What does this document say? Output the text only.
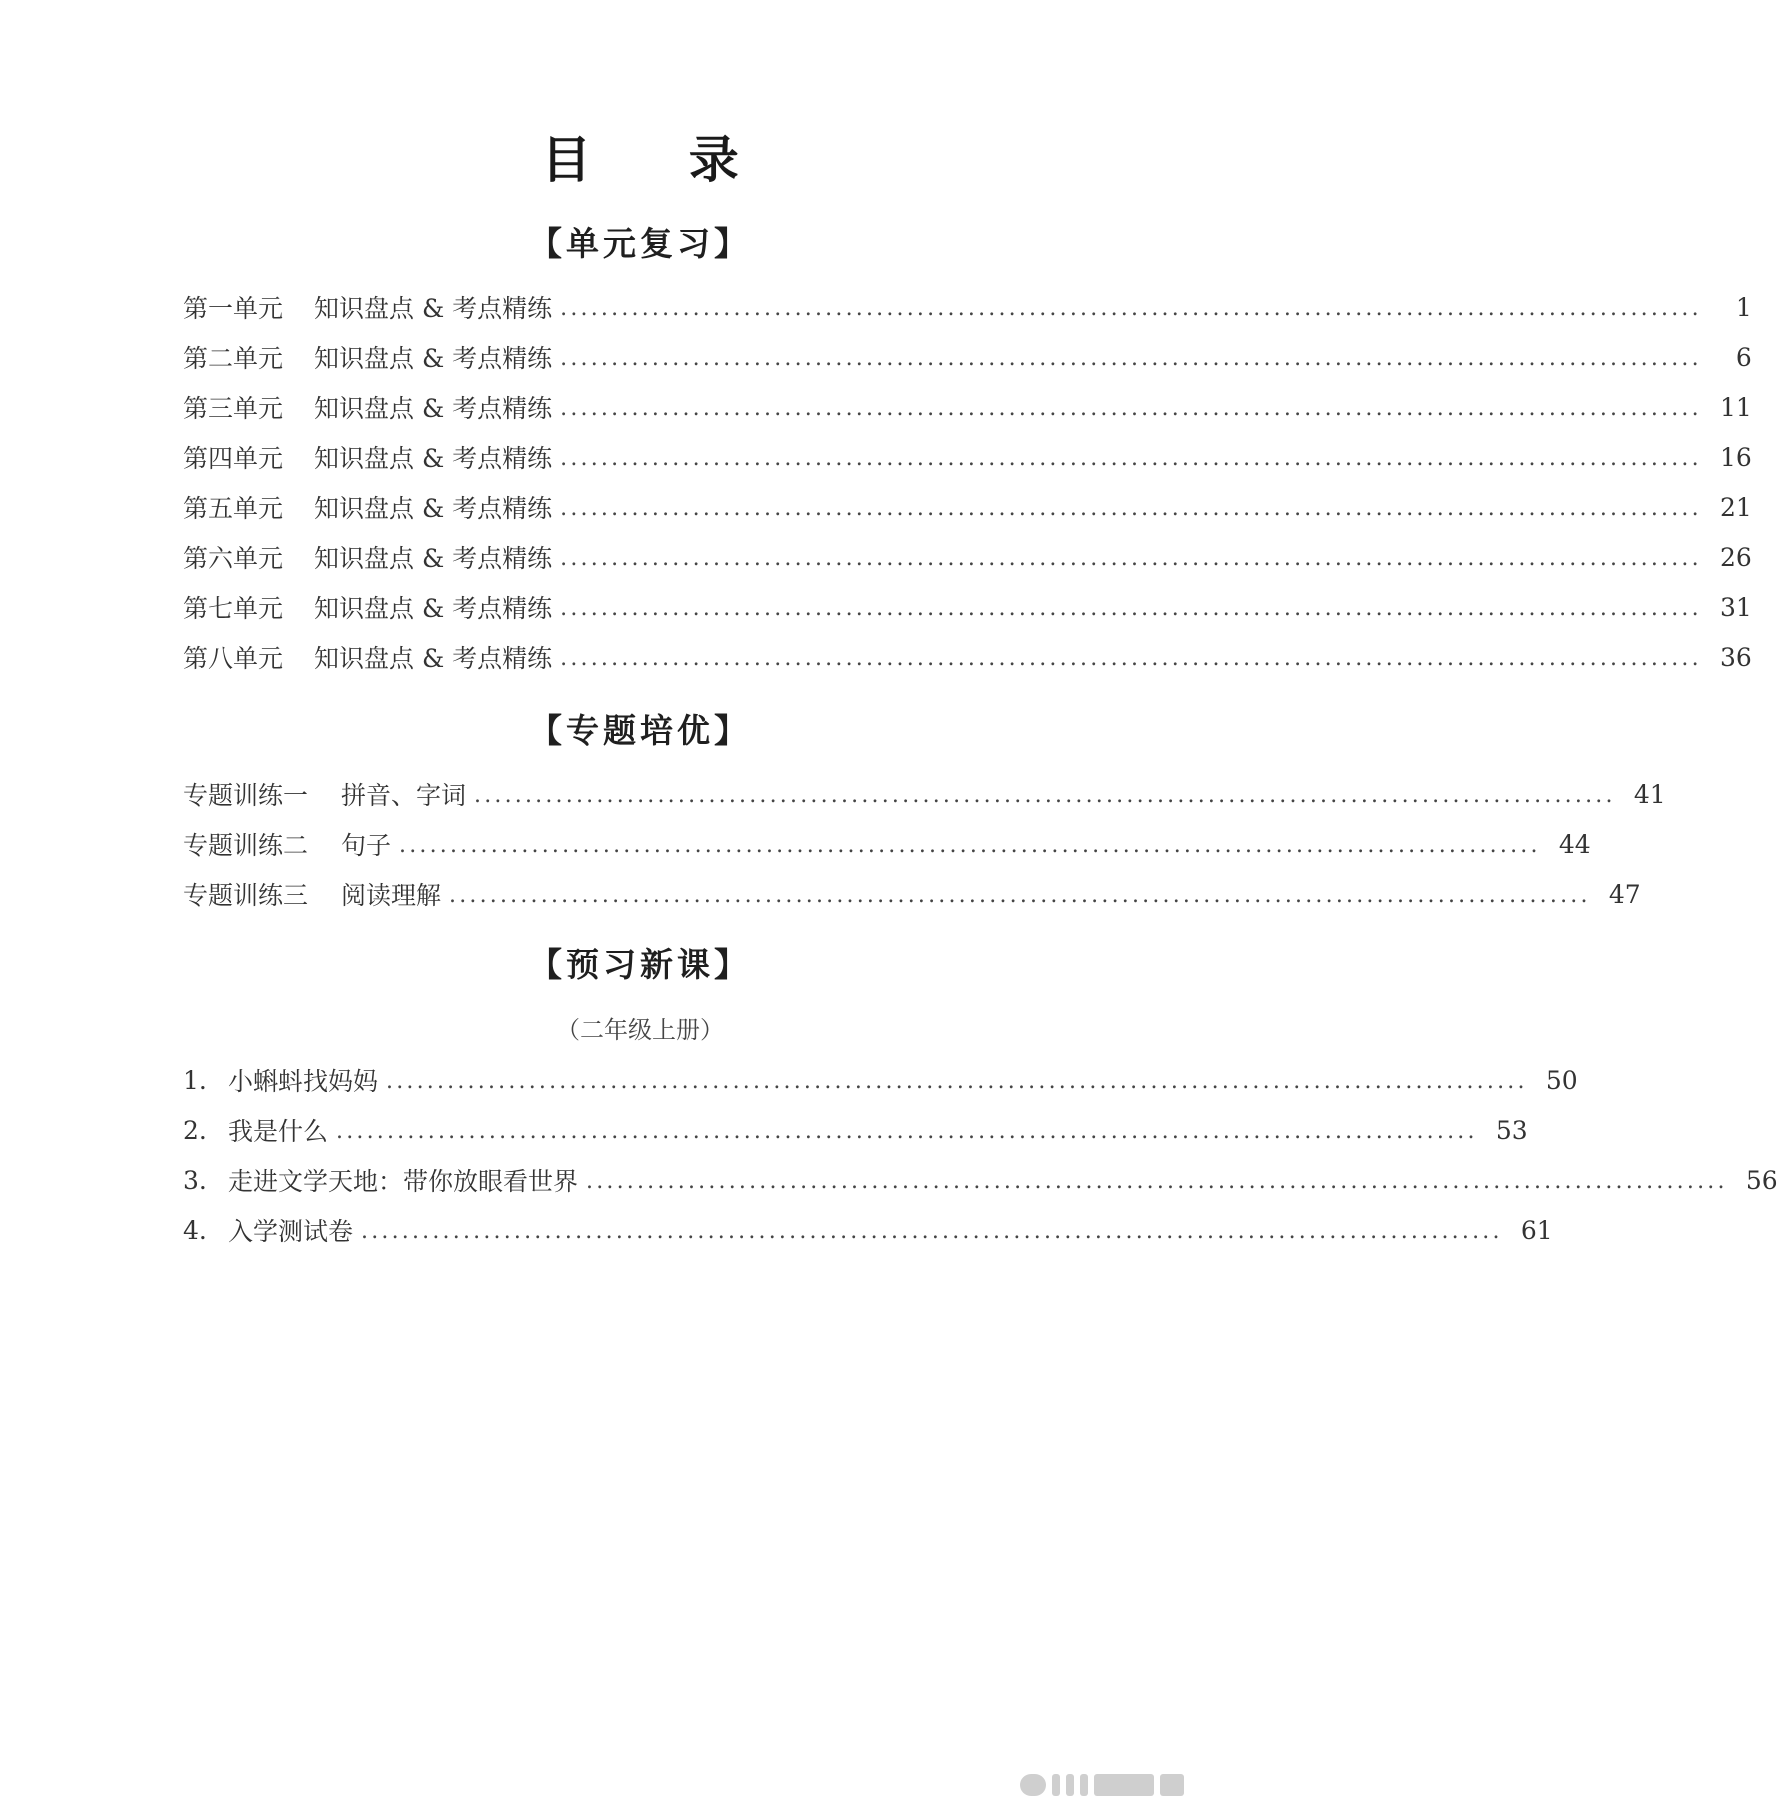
目 录
【单元复习】
第一单元	知识盘点 & 考点精练 ................................................................................................................	1
第二单元	知识盘点 & 考点精练 ................................................................................................................	6
第三单元	知识盘点 & 考点精练 ................................................................................................................ 11
第四单元	知识盘点 & 考点精练 ................................................................................................................ 16
第五单元	知识盘点 & 考点精练 ................................................................................................................ 21
第六单元	知识盘点 & 考点精练 ................................................................................................................ 26
第七单元	知识盘点 & 考点精练 ................................................................................................................ 31
第八单元	知识盘点 & 考点精练 ................................................................................................................ 36
【专题培优】
专题训练一	拼音、字词 ................................................................................................................ 41
专题训练二	句子 ................................................................................................................ 44
专题训练三	阅读理解 ................................................................................................................ 47
【预习新课】
（二年级上册）
1. 小蝌蚪找妈妈 ................................................................................................................ 50
2. 我是什么 ................................................................................................................ 53
3. 走进文学天地：带你放眼看世界 ................................................................................................................ 56
4. 入学测试卷 ................................................................................................................ 61
